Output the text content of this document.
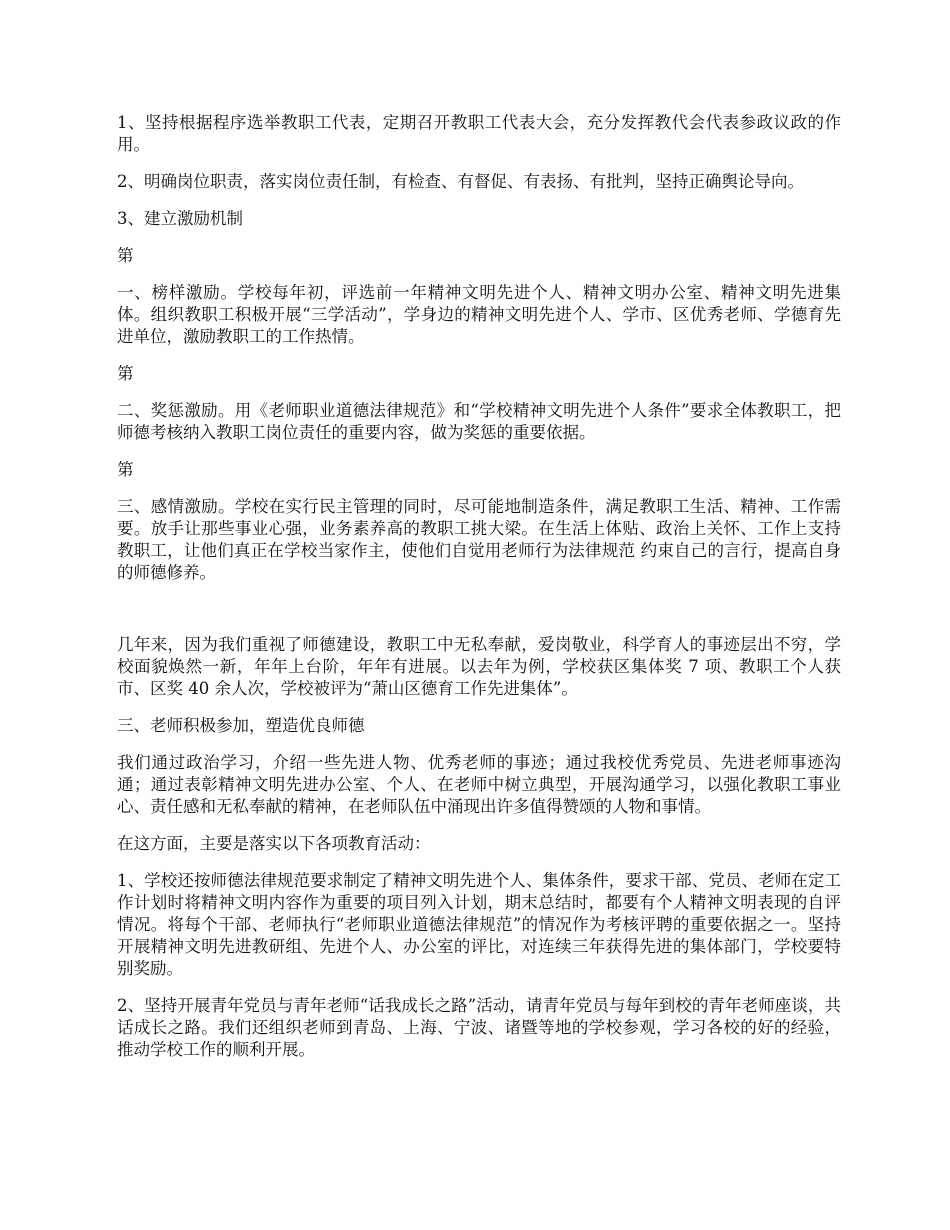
1、坚持根据程序选举教职工代表，定期召开教职工代表大会，充分发挥教代会代表参政议政的作用。

2、明确岗位职责，落实岗位责任制，有检查、有督促、有表扬、有批判，坚持正确舆论导向。

3、建立激励机制

第

一、榜样激励。学校每年初，评选前一年精神文明先进个人、精神文明办公室、精神文明先进集体。组织教职工积极开展“三学活动”，学身边的精神文明先进个人、学市、区优秀老师、学德育先进单位，激励教职工的工作热情。

第

二、奖惩激励。用《老师职业道德法律规范》和“学校精神文明先进个人条件”要求全体教职工，把师德考核纳入教职工岗位责任的重要内容，做为奖惩的重要依据。

第

三、感情激励。学校在实行民主管理的同时，尽可能地制造条件，满足教职工生活、精神、工作需要。放手让那些事业心强，业务素养高的教职工挑大梁。在生活上体贴、政治上关怀、工作上支持教职工，让他们真正在学校当家作主，使他们自觉用老师行为法律规范 约束自己的言行，提高自身的师德修养。

几年来，因为我们重视了师德建设，教职工中无私奉献，爱岗敬业，科学育人的事迹层出不穷，学校面貌焕然一新，年年上台阶，年年有进展。以去年为例，学校获区集体奖 7 项、教职工个人获市、区奖 40 余人次，学校被评为“萧山区德育工作先进集体”。

三、老师积极参加，塑造优良师德

我们通过政治学习，介绍一些先进人物、优秀老师的事迹；通过我校优秀党员、先进老师事迹沟通；通过表彰精神文明先进办公室、个人、在老师中树立典型，开展沟通学习，以强化教职工事业心、责任感和无私奉献的精神，在老师队伍中涌现出许多值得赞颂的人物和事情。

在这方面，主要是落实以下各项教育活动：

1、学校还按师德法律规范要求制定了精神文明先进个人、集体条件，要求干部、党员、老师在定工作计划时将精神文明内容作为重要的项目列入计划，期末总结时，都要有个人精神文明表现的自评情况。将每个干部、老师执行“老师职业道德法律规范”的情况作为考核评聘的重要依据之一。坚持开展精神文明先进教研组、先进个人、办公室的评比，对连续三年获得先进的集体部门，学校要特别奖励。

2、坚持开展青年党员与青年老师“话我成长之路”活动，请青年党员与每年到校的青年老师座谈，共话成长之路。我们还组织老师到青岛、上海、宁波、诸暨等地的学校参观，学习各校的好的经验，推动学校工作的顺利开展。
